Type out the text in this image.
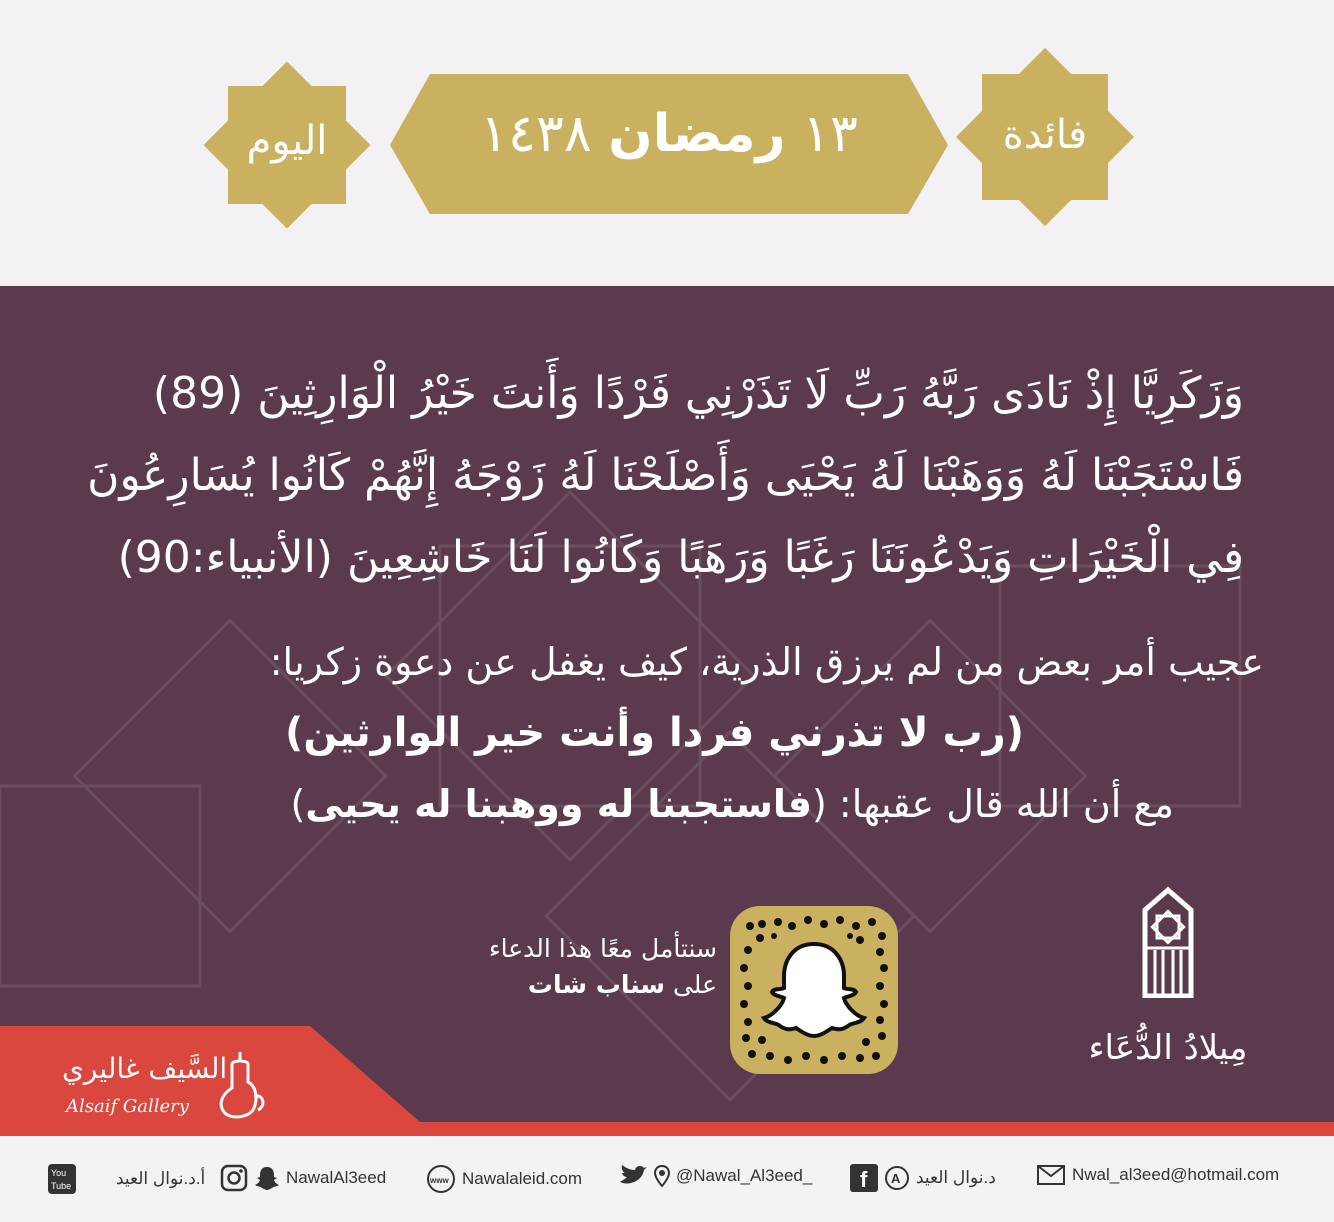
فائدة
اليوم	١٣ رمضان ١٤٣٨
وَزَكَرِيَّا إِذْ نَادَى رَبَّهُ رَبِّ لَا تَذَرْنِي فَرْدًا وَأَنتَ خَيْرُ الْوَارِثِينَ (89)
فَاسْتَجَبْنَا لَهُ وَوَهَبْنَا لَهُ يَحْيَى وَأَصْلَحْنَا لَهُ زَوْجَهُ إِنَّهُمْ كَانُوا يُسَارِعُونَ
فِي الْخَيْرَاتِ وَيَدْعُونَنَا رَغَبًا وَرَهَبًا وَكَانُوا لَنَا خَاشِعِينَ (الأنبياء:90)
عجيب أمر بعض من لم يرزق الذرية، كيف يغفل عن دعوة زكريا:
(رب لا تذرني فردا وأنت خير الوارثين)
مع أن الله قال عقبها: (فاستجبنا له ووهبنا له يحيى)
سنتأمل معًا هذا الدعاء
على سناب شات
مِيلادُ الدُّعَاء
السَّيف غاليري
Alsaif Gallery
Nwal_al3eed@hotmail.com
f A د.نوال العيد
@Nawal_Al3eed_
www Nawalaleid.com
NawalAl3eed
You
Tube	أ.د.نوال العيد
